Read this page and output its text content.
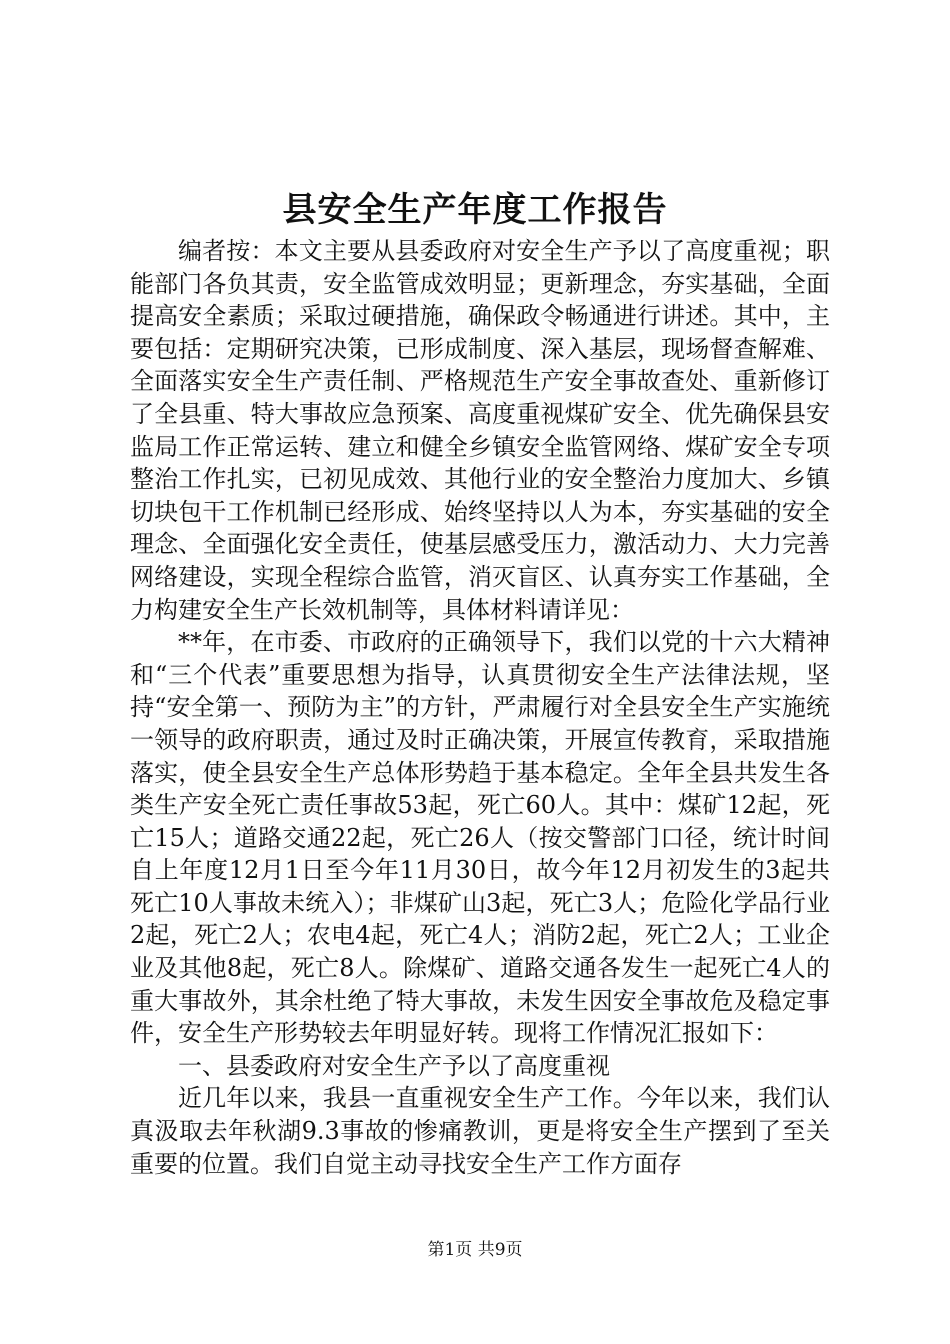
县安全生产年度工作报告

编者按：本文主要从县委政府对安全生产予以了高度重视；职能部门各负其责，安全监管成效明显；更新理念，夯实基础，全面提高安全素质；采取过硬措施，确保政令畅通进行讲述。其中，主要包括：定期研究决策，已形成制度、深入基层，现场督查解难、全面落实安全生产责任制、严格规范生产安全事故查处、重新修订了全县重、特大事故应急预案、高度重视煤矿安全、优先确保县安监局工作正常运转、建立和健全乡镇安全监管网络、煤矿安全专项整治工作扎实，已初见成效、其他行业的安全整治力度加大、乡镇切块包干工作机制已经形成、始终坚持以人为本，夯实基础的安全理念、全面强化安全责任，使基层感受压力，激活动力、大力完善网络建设，实现全程综合监管，消灭盲区、认真夯实工作基础，全力构建安全生产长效机制等，具体材料请详见：

**年，在市委、市政府的正确领导下，我们以党的十六大精神和“三个代表”重要思想为指导，认真贯彻安全生产法律法规，坚持“安全第一、预防为主”的方针，严肃履行对全县安全生产实施统一领导的政府职责，通过及时正确决策，开展宣传教育，采取措施落实，使全县安全生产总体形势趋于基本稳定。全年全县共发生各类生产安全死亡责任事故53起，死亡60人。其中：煤矿12起，死亡15人；道路交通22起，死亡26人（按交警部门口径，统计时间自上年度12月1日至今年11月30日，故今年12月初发生的3起共死亡10人事故未统入）；非煤矿山3起，死亡3人；危险化学品行业2起，死亡2人；农电4起，死亡4人；消防2起，死亡2人；工业企业及其他8起，死亡8人。除煤矿、道路交通各发生一起死亡4人的重大事故外，其余杜绝了特大事故，未发生因安全事故危及稳定事件，安全生产形势较去年明显好转。现将工作情况汇报如下：

一、县委政府对安全生产予以了高度重视

近几年以来，我县一直重视安全生产工作。今年以来，我们认真汲取去年秋湖9.3事故的惨痛教训，更是将安全生产摆到了至关重要的位置。我们自觉主动寻找安全生产工作方面存

第1页 共9页
